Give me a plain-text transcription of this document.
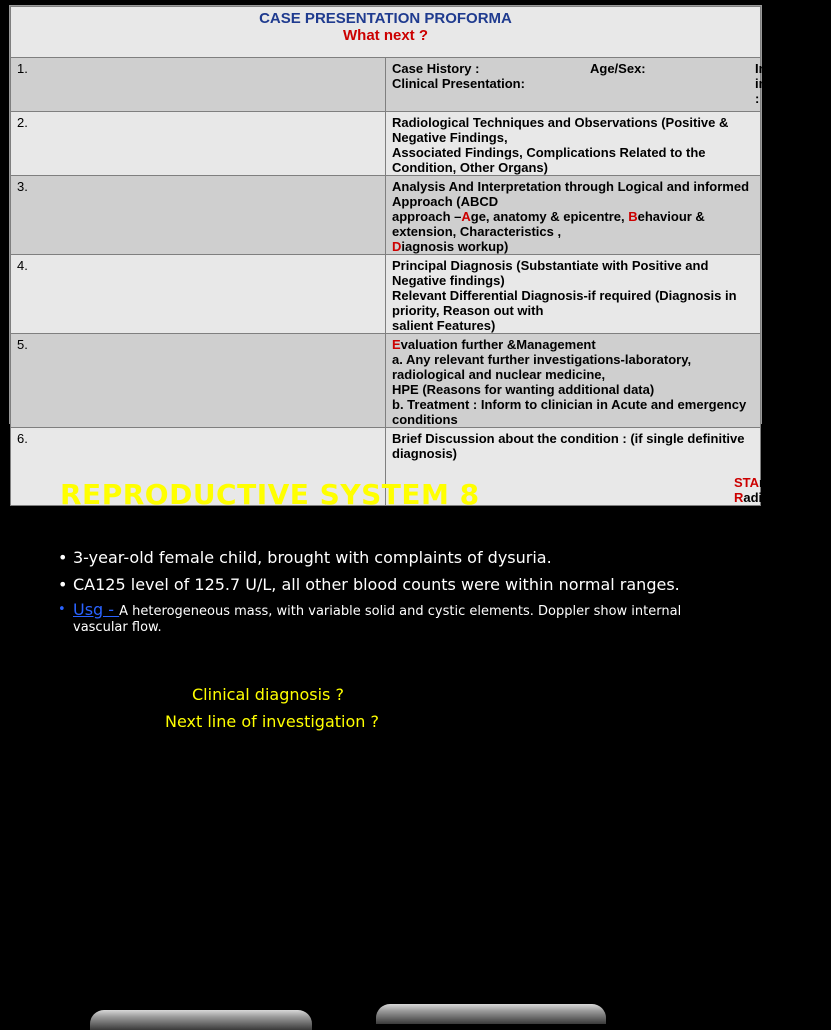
CASE PRESENTATION PROFORMA
What next ?	

1.	Case History : Age/Sex: Interval imaging :
Clinical Presentation:

2.	Radiological Techniques and Observations (Positive & Negative Findings,
Associated Findings, Complications Related to the Condition, Other Organs)

3.	Analysis And Interpretation through Logical and informed Approach (ABCD
approach –Age, anatomy & epicentre, Behaviour & extension, Characteristics ,
Diagnosis workup)

4.	Principal Diagnosis (Substantiate with Positive and Negative findings)
Relevant Differential Diagnosis-if required (Diagnosis in priority, Reason out with
salient Features)

5.	Evaluation further &Management
a. Any relevant further investigations-laboratory, radiological and nuclear medicine,
HPE (Reasons for wanting additional data)
b. Treatment : Inform to clinician in Acute and emergency conditions

6.	Brief Discussion about the condition : (if single definitive diagnosis)
STAnley Radiodiagnosis
REPRODUCTIVE SYSTEM 8
• 3-year-old female child, brought with complaints of dysuria.
• CA125 level of 125.7 U/L, all other blood counts were within normal ranges.
• Usg - A heterogeneous mass, with variable solid and cystic elements. Doppler show internal vascular flow.
Clinical diagnosis ?
Next line of investigation ?
